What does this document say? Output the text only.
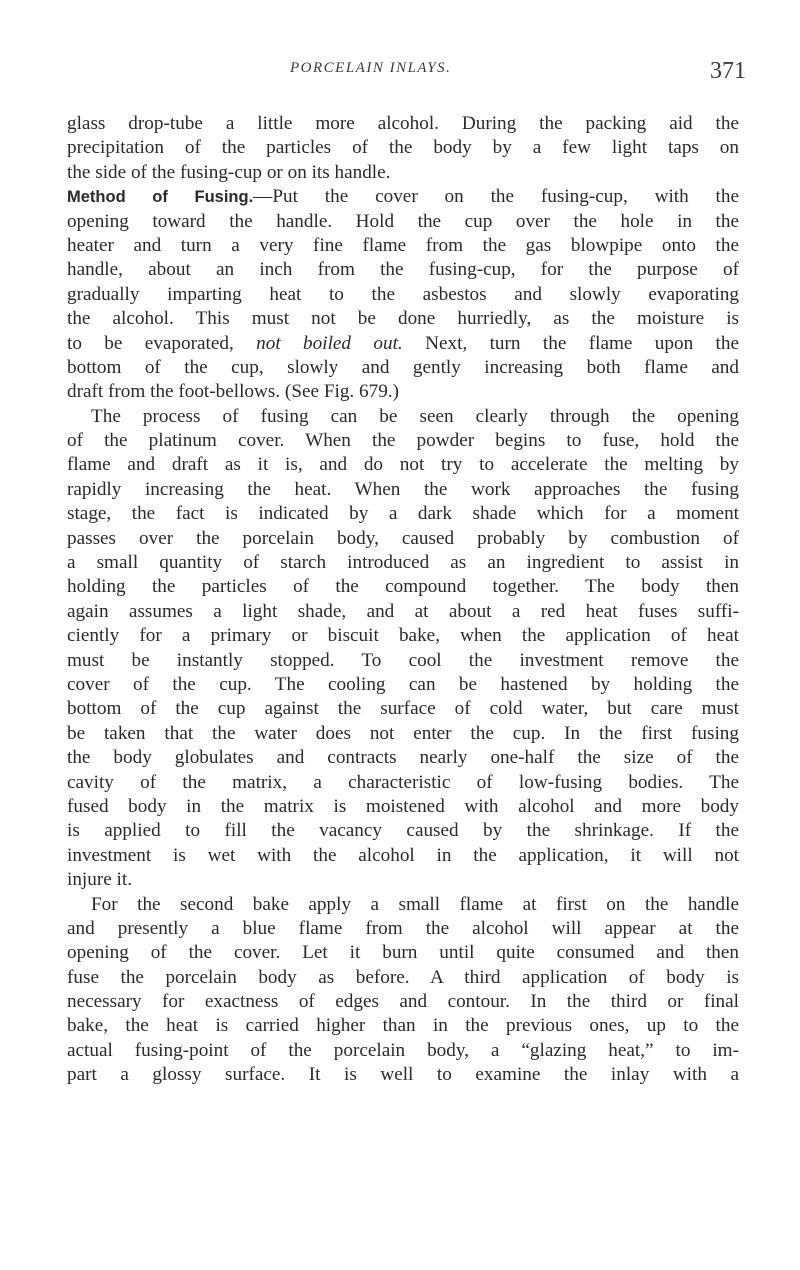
PORCELAIN INLAYS.	371
glass drop-tube a little more alcohol. During the packing aid the
precipitation of the particles of the body by a few light taps on
the side of the fusing-cup or on its handle.
Method of Fusing.—Put the cover on the fusing-cup, with the
opening toward the handle. Hold the cup over the hole in the
heater and turn a very fine flame from the gas blowpipe onto the
handle, about an inch from the fusing-cup, for the purpose of
gradually imparting heat to the asbestos and slowly evaporating
the alcohol. This must not be done hurriedly, as the moisture is
to be evaporated, not boiled out. Next, turn the flame upon the
bottom of the cup, slowly and gently increasing both flame and
draft from the foot-bellows. (See Fig. 679.)
The process of fusing can be seen clearly through the opening
of the platinum cover. When the powder begins to fuse, hold the
flame and draft as it is, and do not try to accelerate the melting by
rapidly increasing the heat. When the work approaches the fusing
stage, the fact is indicated by a dark shade which for a moment
passes over the porcelain body, caused probably by combustion of
a small quantity of starch introduced as an ingredient to assist in
holding the particles of the compound together. The body then
again assumes a light shade, and at about a red heat fuses suffi-
ciently for a primary or biscuit bake, when the application of heat
must be instantly stopped. To cool the investment remove the
cover of the cup. The cooling can be hastened by holding the
bottom of the cup against the surface of cold water, but care must
be taken that the water does not enter the cup. In the first fusing
the body globulates and contracts nearly one-half the size of the
cavity of the matrix, a characteristic of low-fusing bodies. The
fused body in the matrix is moistened with alcohol and more body
is applied to fill the vacancy caused by the shrinkage. If the
investment is wet with the alcohol in the application, it will not
injure it.
For the second bake apply a small flame at first on the handle
and presently a blue flame from the alcohol will appear at the
opening of the cover. Let it burn until quite consumed and then
fuse the porcelain body as before. A third application of body is
necessary for exactness of edges and contour. In the third or final
bake, the heat is carried higher than in the previous ones, up to the
actual fusing-point of the porcelain body, a “glazing heat,” to im-
part a glossy surface. It is well to examine the inlay with a
